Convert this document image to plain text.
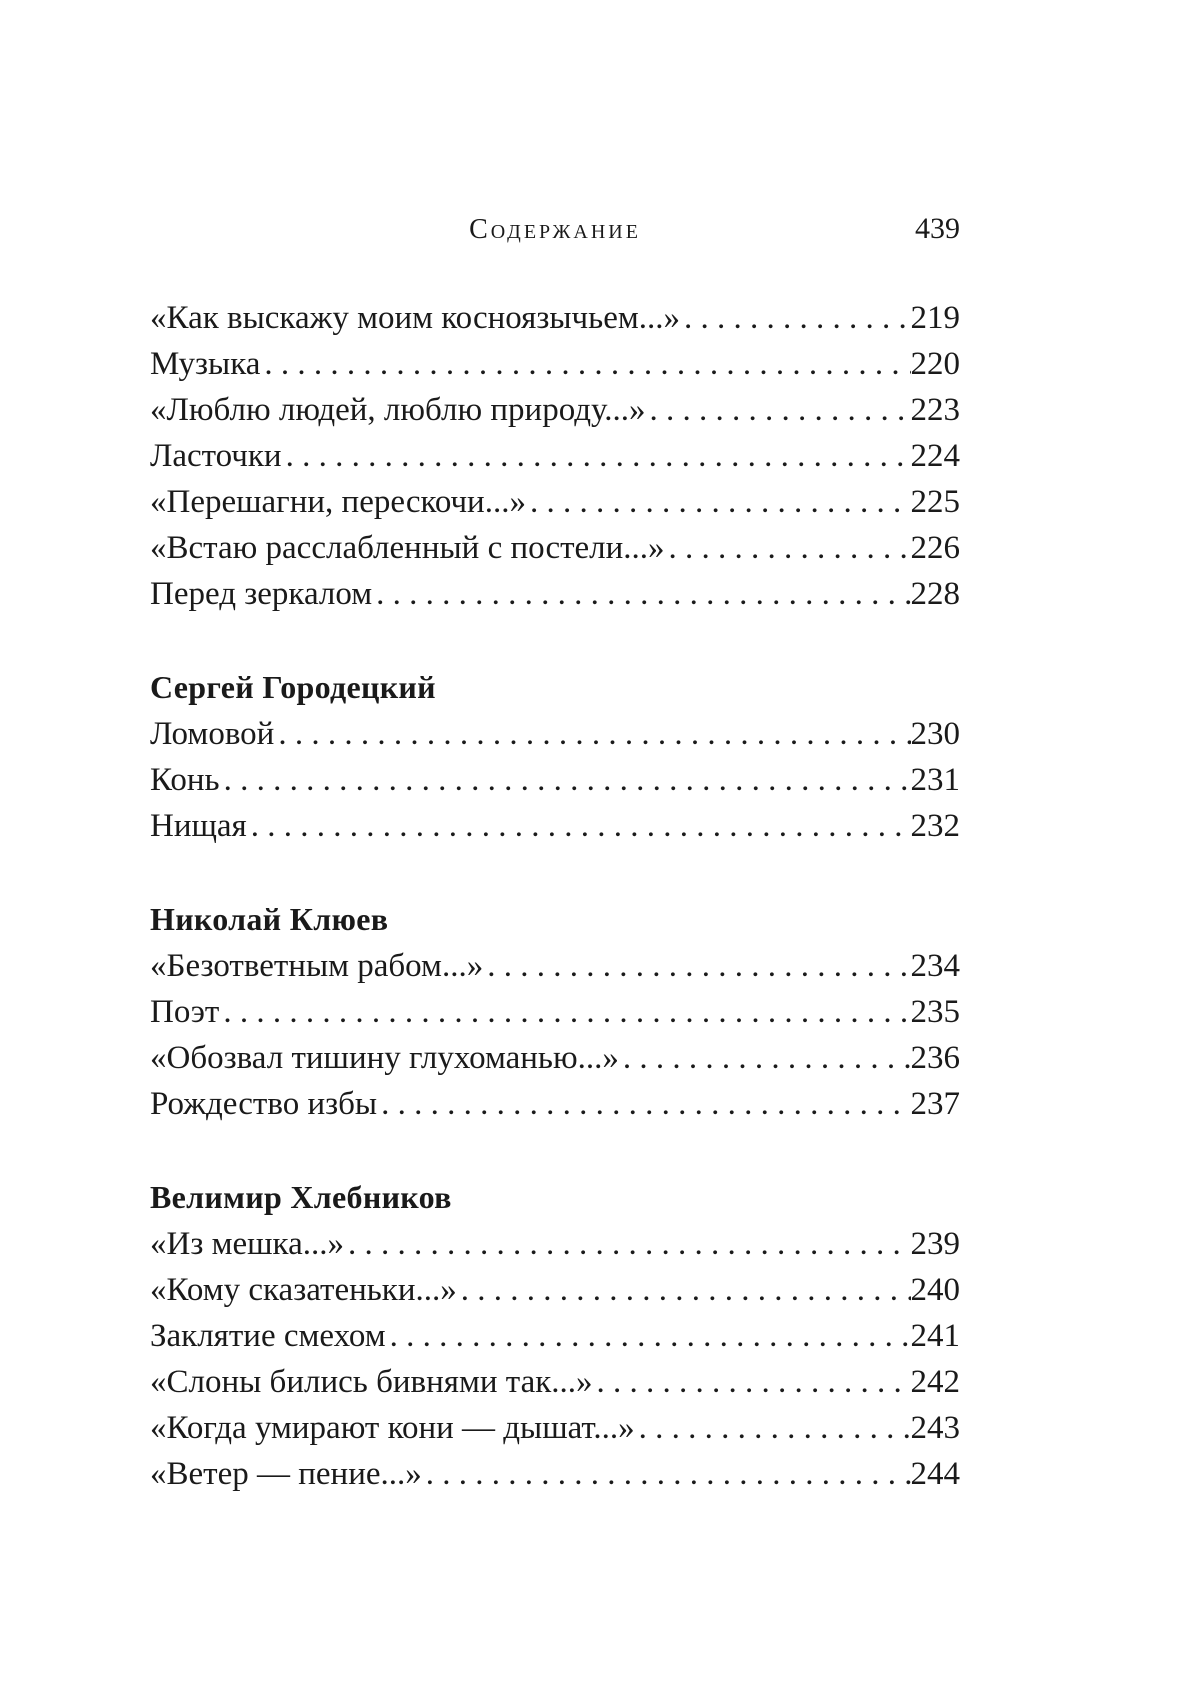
Содержание	439
«Как выскажу моим косноязычьем...» . . .	219
Музыка . . .	220
«Люблю людей, люблю природу...» . . .	223
Ласточки . . .	224
«Перешагни, перескочи...» . . .	225
«Встаю расслабленный с постели...» . . .	226
Перед зеркалом . . .	228
Сергей Городецкий
Ломовой . . .	230
Конь . . .	231
Нищая . . .	232
Николай Клюев
«Безответным рабом...» . . .	234
Поэт . . .	235
«Обозвал тишину глухоманью...» . . .	236
Рождество избы . . .	237
Велимир Хлебников
«Из мешка...» . . .	239
«Кому сказатеньки...» . . .	240
Заклятие смехом . . .	241
«Слоны бились бивнями так...» . . .	242
«Когда умирают кони — дышат...» . . .	243
«Ветер — пение...» . . .	244
